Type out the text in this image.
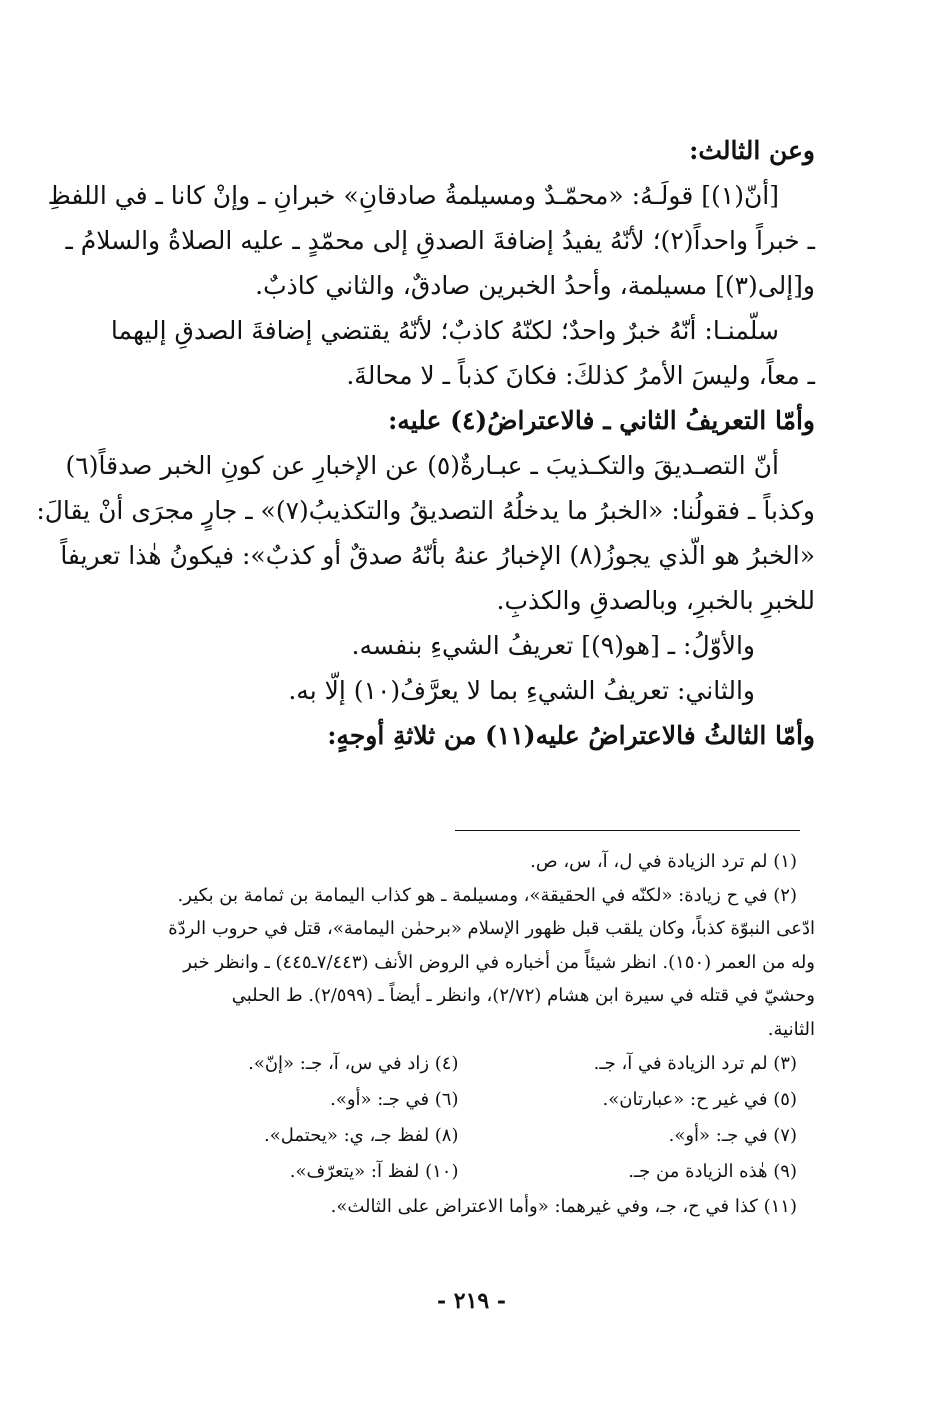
وعن الثالث:

[أنّ(١)] قولَـهُ: «محمّـدٌ ومسيلمةُ صادقانِ» خبرانِ ـ وإنْ كانا ـ في اللفظِ

ـ خبراً واحداً(٢)؛ لأنّهُ يفيدُ إضافةَ الصدقِ إلى محمّدٍ ـ عليه الصلاةُ والسلامُ ـ

و[إلى(٣)] مسيلمة، وأحدُ الخبرين صادقٌ، والثاني كاذبٌ.

سلّمنـا: أنّهُ خبرٌ واحدٌ؛ لكنّهُ كاذبٌ؛ لأنّهُ يقتضي إضافةَ الصدقِ إليهما

ـ معاً، وليسَ الأمرُ كذلكَ: فكانَ كذباً ـ لا محالةَ.

وأمّا التعريفُ الثاني ـ فالاعتراضُ(٤) عليه:

أنّ التصـديقَ والتكـذيبَ ـ عبـارةٌ(٥) عن الإخبارِ عن كونِ الخبر صدقاً(٦)

وكذباً ـ فقولُنا: «الخبرُ ما يدخلُهُ التصديقُ والتكذيبُ(٧)» ـ جارٍ مجرَى أنْ يقالَ:

«الخبرُ هو الّذي يجوزُ(٨) الإخبارُ عنهُ بأنّهُ صدقٌ أو كذبٌ»: فيكونُ هٰذا تعريفاً

للخبرِ بالخبرِ، وبالصدقِ والكذبِ.

والأوّلُ: ـ [هو(٩)] تعريفُ الشيءِ بنفسه.

والثاني: تعريفُ الشيءِ بما لا يعرَّفُ(١٠) إلّا به.

وأمّا الثالثُ فالاعتراضُ عليه(١١) من ثلاثةِ أوجهٍ:

(١) لم ترد الزيادة في ل، آ، س، ص.

(٢) في ح زيادة: «لكنّه في الحقيقة»، ومسيلمة ـ هو كذاب اليمامة بن ثمامة بن بكير.

ادّعى النبوّة كذباً، وكان يلقب قبل ظهور الإسلام «برحمٰن اليمامة»، قتل في حروب الردّة

وله من العمر (١٥٠). انظر شيئاً من أخباره في الروض الأنف (٧/٤٤٣ـ٤٤٥) ـ وانظر خبر

وحشيّ في قتله في سيرة ابن هشام (٢/٧٢)، وانظر ـ أيضاً ـ (٢/٥٩٩). ط الحلبي

الثانية.

(٣) لم ترد الزيادة في آ، جـ.
(٤) زاد في س، آ، جـ: «إنّ».
(٥) في غير ح: «عبارتان».
(٦) في جـ: «أو».
(٧) في جـ: «أو».
(٨) لفظ جـ، ي: «يحتمل».
(٩) هٰذه الزيادة من جـ.
(١٠) لفظ آ: «يتعرّف».

(١١) كذا في ح، جـ، وفي غيرهما: «وأما الاعتراض على الثالث».

- ٢١٩ -
